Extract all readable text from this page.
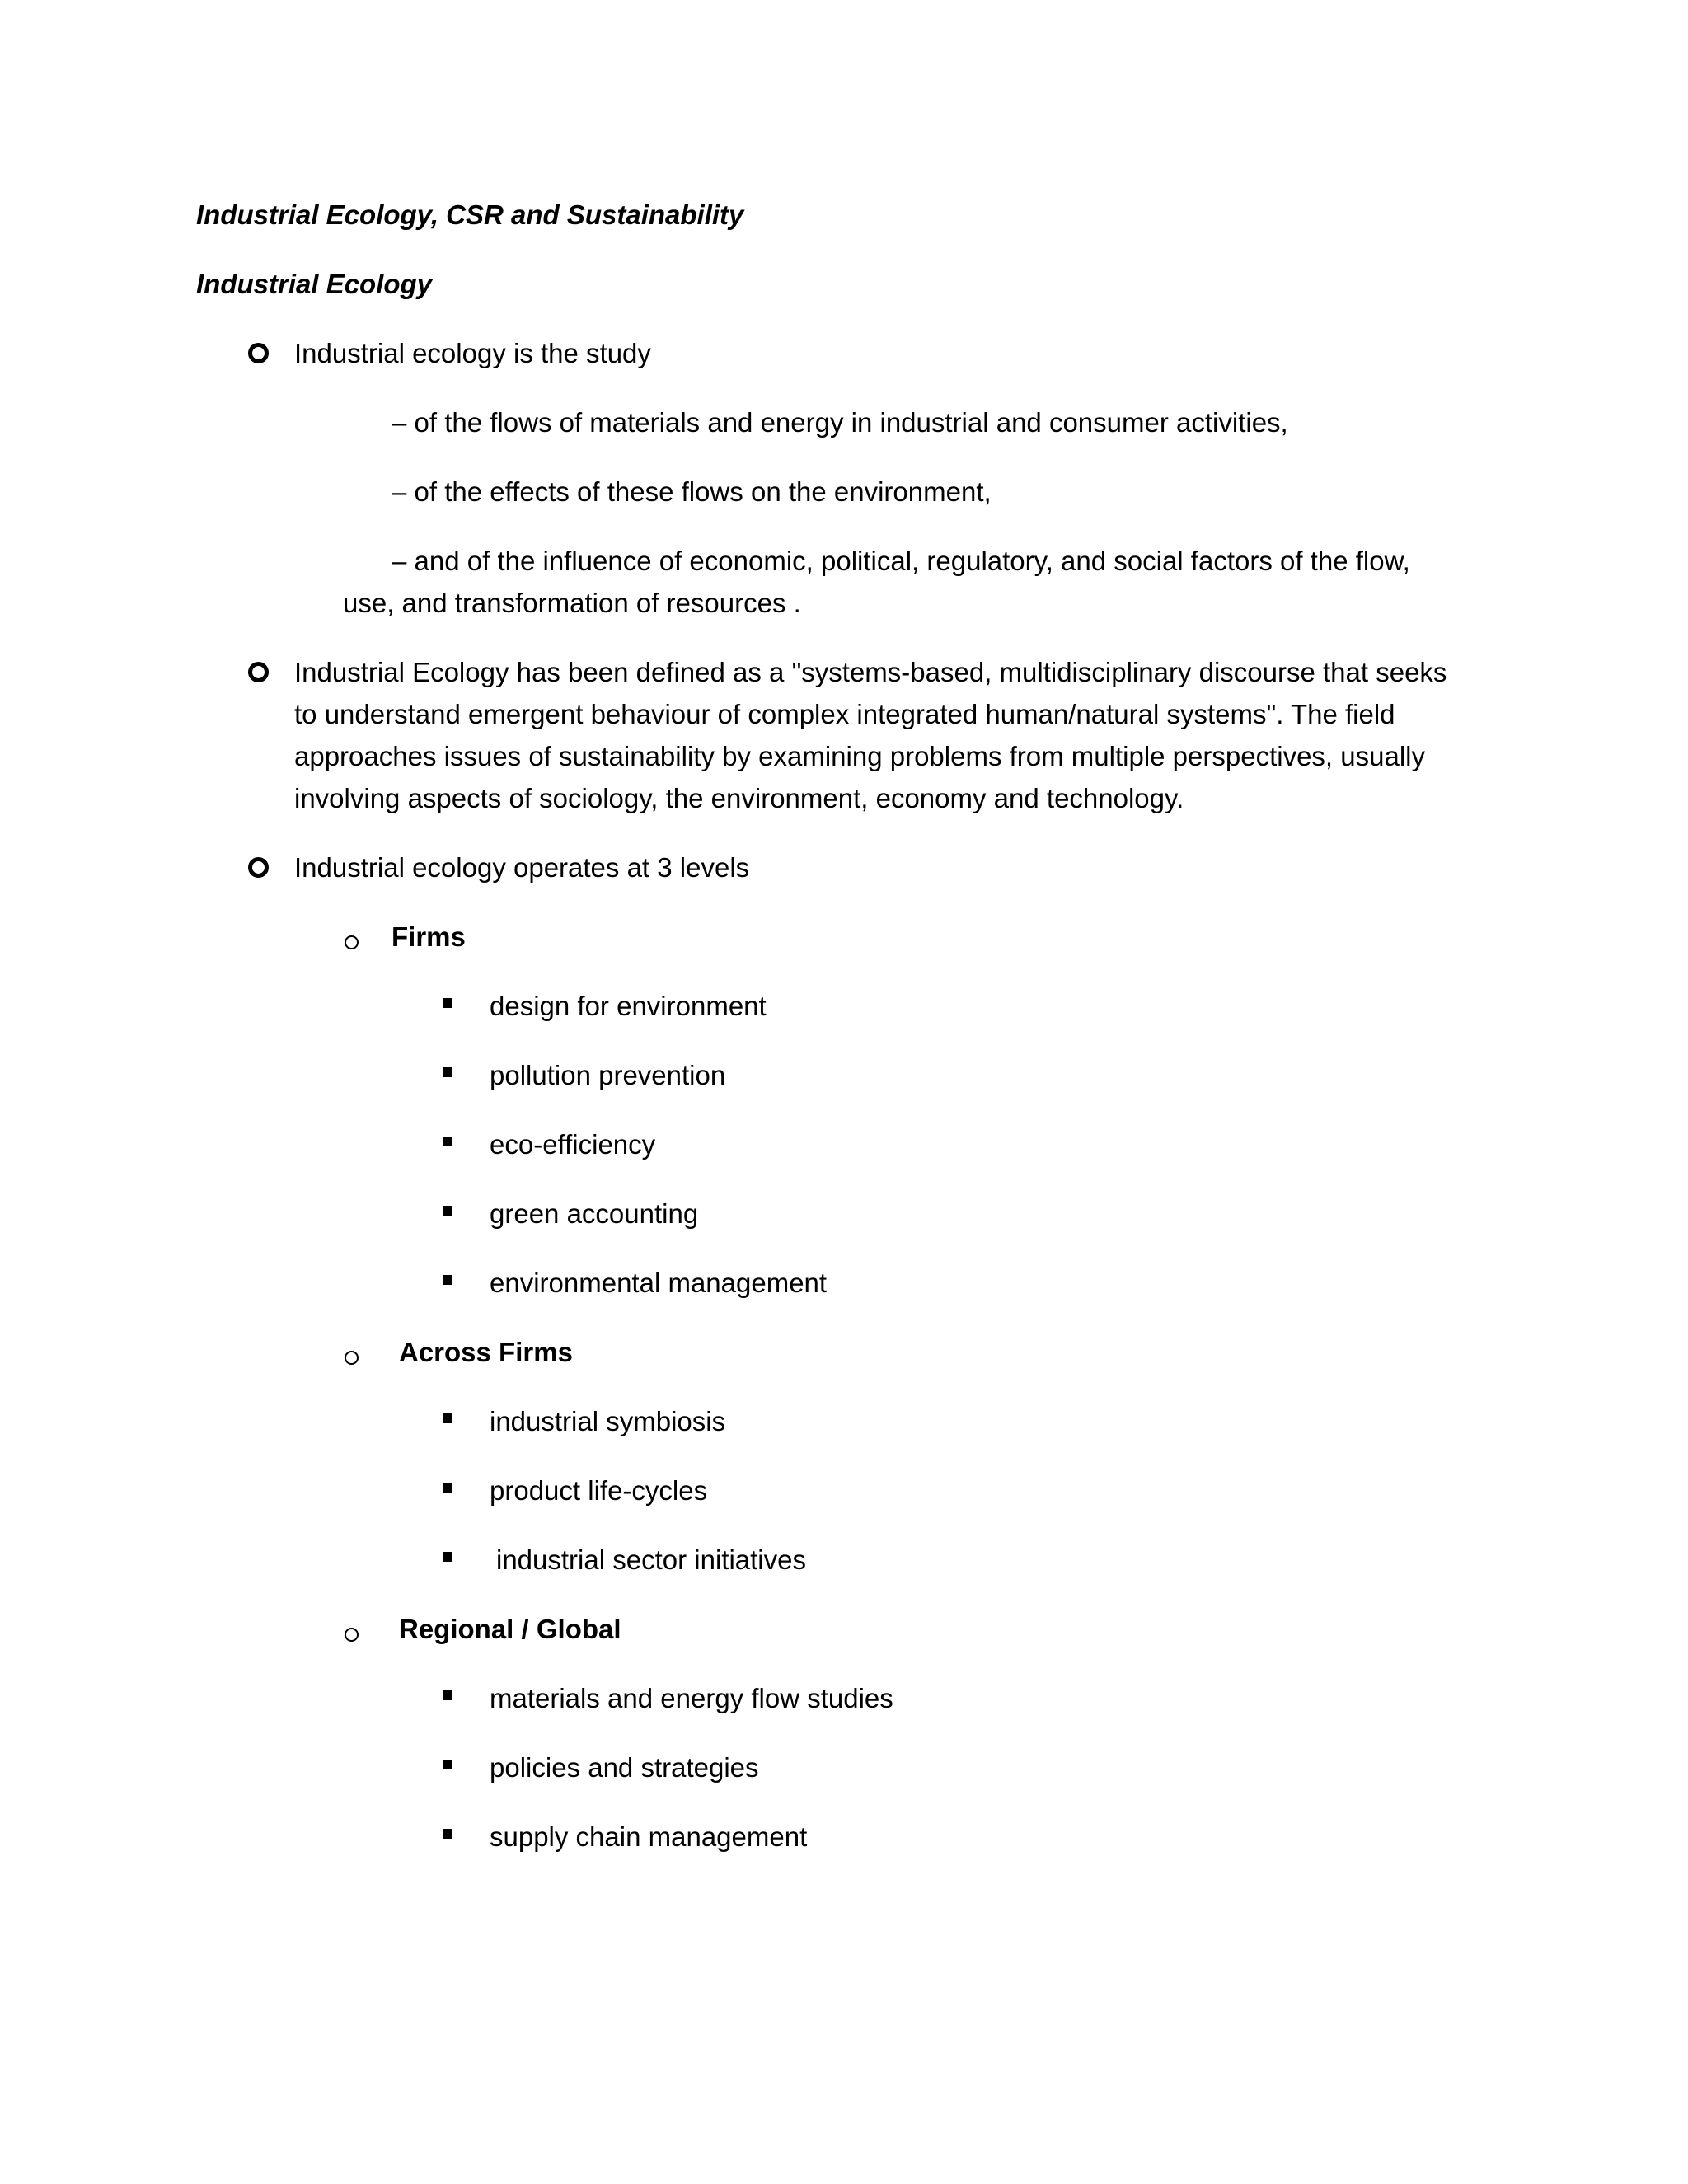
Industrial Ecology, CSR and Sustainability
Industrial Ecology
Industrial ecology is the study
– of the flows of materials and energy in industrial and consumer activities,
– of the effects of these flows on the environment,
– and of the influence of economic, political, regulatory, and social factors of the flow,
use, and transformation of resources .
Industrial Ecology has been defined as a "systems-based, multidisciplinary discourse that seeks
to understand emergent behaviour of complex integrated human/natural systems". The field
approaches issues of sustainability by examining problems from multiple perspectives, usually
involving aspects of sociology, the environment, economy and technology.
Industrial ecology operates at 3 levels
Firms
design for environment
pollution prevention
eco-efficiency
green accounting
environmental management
Across Firms
industrial symbiosis
product life-cycles
industrial sector initiatives
Regional / Global
materials and energy flow studies
policies and strategies
supply chain management
